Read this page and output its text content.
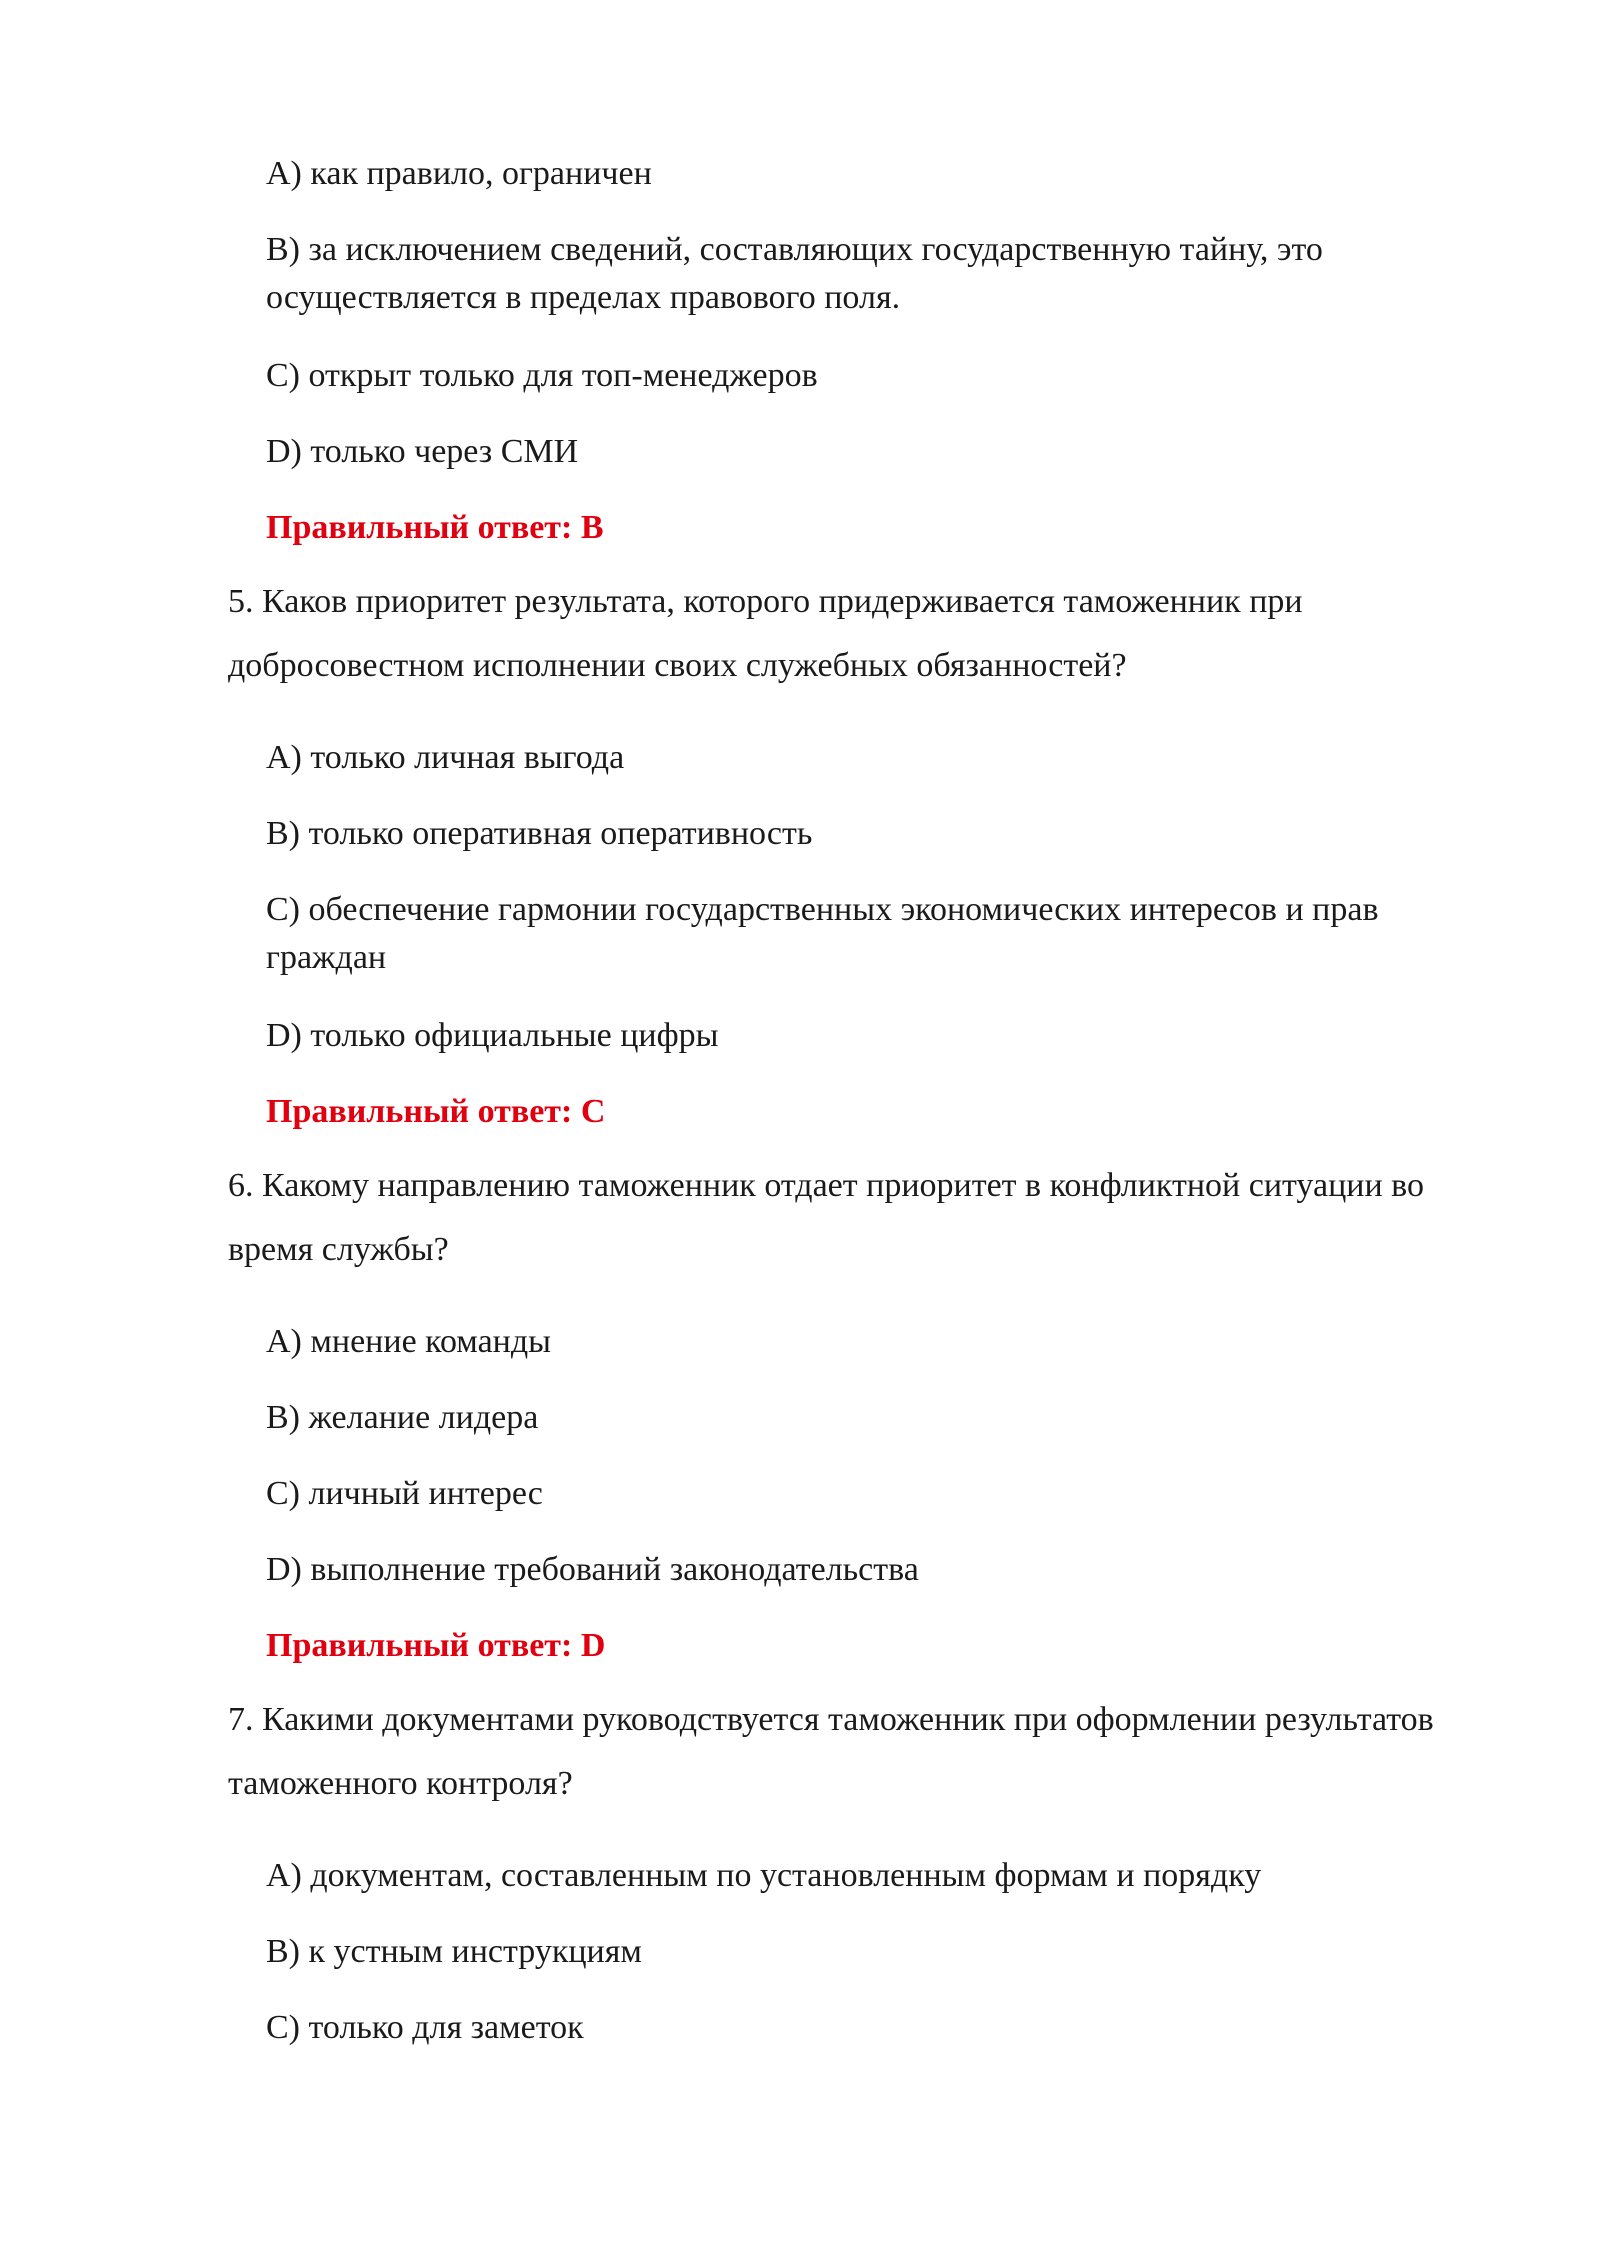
A) как правило, ограничен
B) за исключением сведений, составляющих государственную тайну, это осуществляется в пределах правового поля.
C) открыт только для топ-менеджеров
D) только через СМИ
Правильный ответ: B
5. Каков приоритет результата, которого придерживается таможенник при добросовестном исполнении своих служебных обязанностей?
A) только личная выгода
B) только оперативная оперативность
C) обеспечение гармонии государственных экономических интересов и прав граждан
D) только официальные цифры
Правильный ответ: C
6. Какому направлению таможенник отдает приоритет в конфликтной ситуации во время службы?
A) мнение команды
B) желание лидера
C) личный интерес
D) выполнение требований законодательства
Правильный ответ: D
7. Какими документами руководствуется таможенник при оформлении результатов таможенного контроля?
A) документам, составленным по установленным формам и порядку
B) к устным инструкциям
C) только для заметок
